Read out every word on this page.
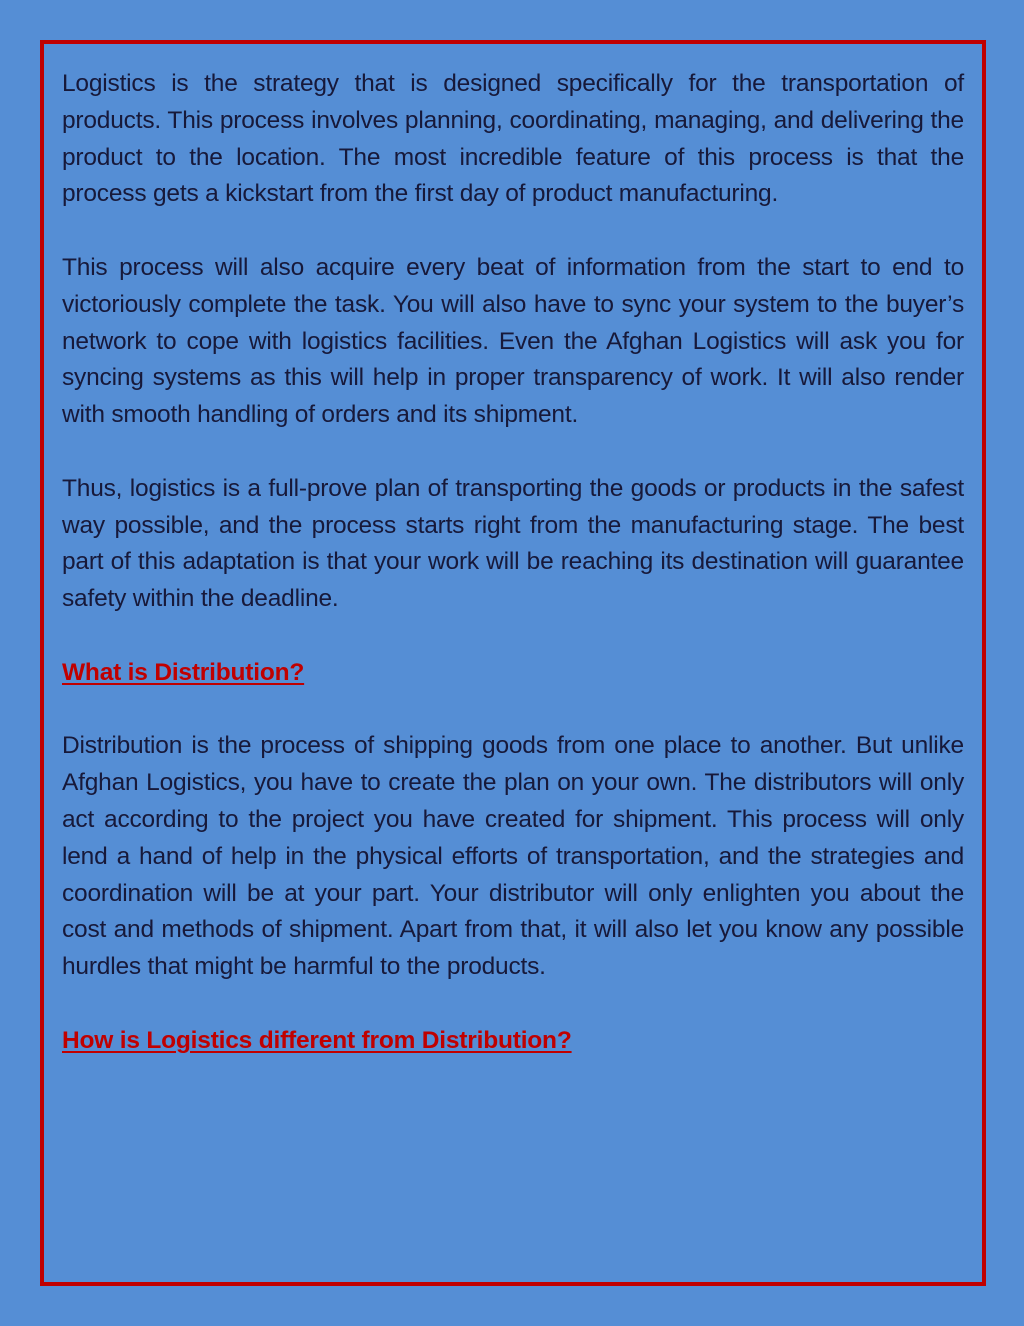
Logistics is the strategy that is designed specifically for the transportation of products. This process involves planning, coordinating, managing, and delivering the product to the location. The most incredible feature of this process is that the process gets a kickstart from the first day of product manufacturing.

This process will also acquire every beat of information from the start to end to victoriously complete the task. You will also have to sync your system to the buyer’s network to cope with logistics facilities. Even the Afghan Logistics will ask you for syncing systems as this will help in proper transparency of work. It will also render with smooth handling of orders and its shipment.

Thus, logistics is a full-prove plan of transporting the goods or products in the safest way possible, and the process starts right from the manufacturing stage. The best part of this adaptation is that your work will be reaching its destination will guarantee safety within the deadline.

What is Distribution?

Distribution is the process of shipping goods from one place to another. But unlike Afghan Logistics, you have to create the plan on your own. The distributors will only act according to the project you have created for shipment. This process will only lend a hand of help in the physical efforts of transportation, and the strategies and coordination will be at your part. Your distributor will only enlighten you about the cost and methods of shipment. Apart from that, it will also let you know any possible hurdles that might be harmful to the products.

How is Logistics different from Distribution?
